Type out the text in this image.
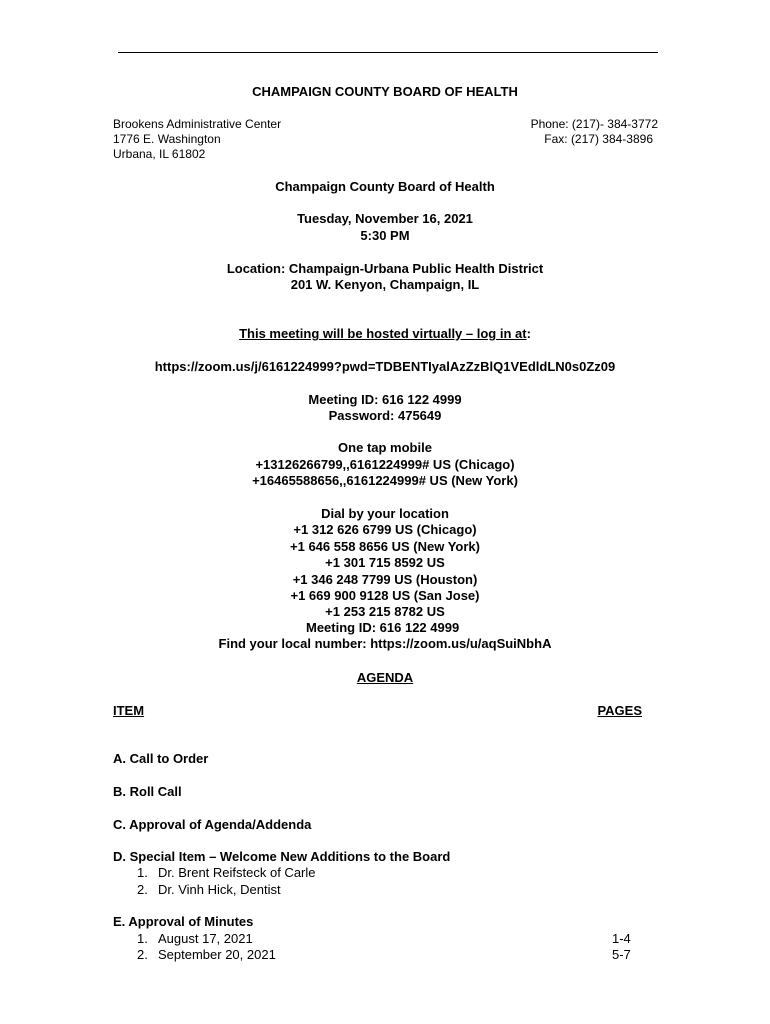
CHAMPAIGN COUNTY BOARD OF HEALTH
Brookens Administrative Center
1776 E. Washington
Urbana, IL 61802
Phone: (217)- 384-3772
Fax: (217) 384-3896
Champaign County Board of Health
Tuesday, November 16, 2021
5:30 PM
Location: Champaign-Urbana Public Health District
201 W. Kenyon, Champaign, IL
This meeting will be hosted virtually – log in at:
https://zoom.us/j/6161224999?pwd=TDBENTIyalAzZzBlQ1VEdldLN0s0Zz09
Meeting ID: 616 122 4999
Password: 475649
One tap mobile
+13126266799,,6161224999# US (Chicago)
+16465588656,,6161224999# US (New York)
Dial by your location
+1 312 626 6799 US (Chicago)
+1 646 558 8656 US (New York)
+1 301 715 8592 US
+1 346 248 7799 US (Houston)
+1 669 900 9128 US (San Jose)
+1 253 215 8782 US
Meeting ID: 616 122 4999
Find your local number: https://zoom.us/u/aqSuiNbhA
AGENDA
ITEM	PAGES
A. Call to Order
B. Roll Call
C. Approval of Agenda/Addenda
D. Special Item – Welcome New Additions to the Board
1. Dr. Brent Reifsteck of Carle
2. Dr. Vinh Hick, Dentist
E. Approval of Minutes
1. August 17, 2021	1-4
2. September 20, 2021	5-7
